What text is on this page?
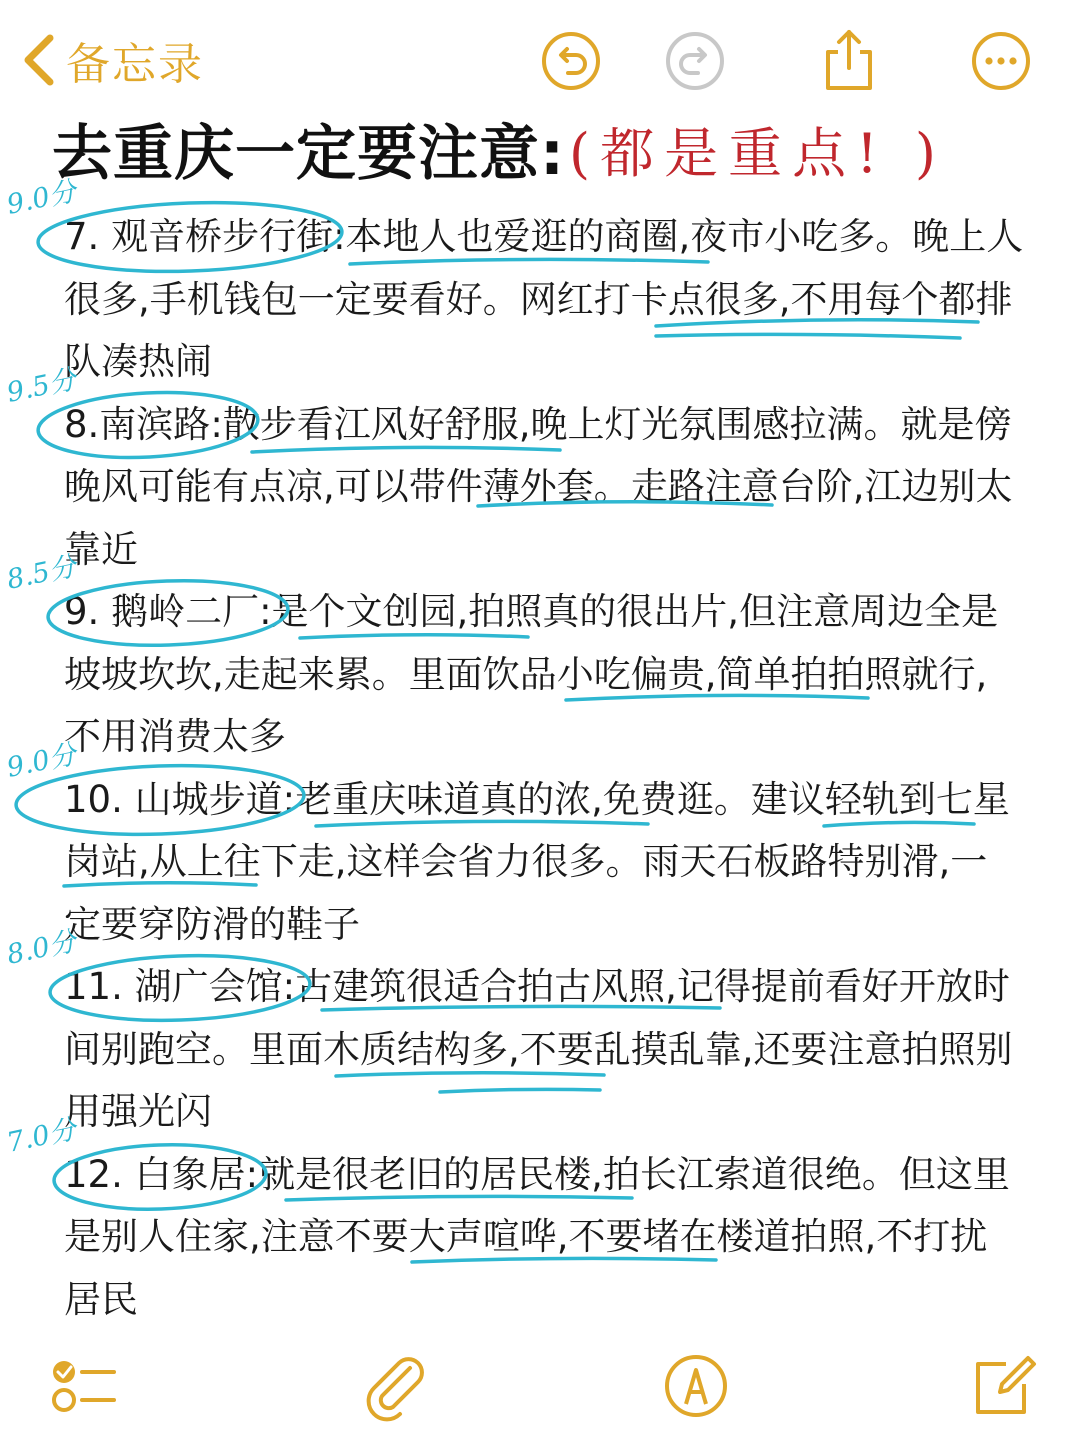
备忘录
去重庆一定要注意:(都是重点! )
9.0分

7. 观音桥步行街:本地人也爱逛的商圈,夜市小吃多。晚上人很多,手机钱包一定要看好。网红打卡点很多,不用每个都排队凑热闹

9.5分

8.南滨路:散步看江风好舒服,晚上灯光氛围感拉满。就是傍晚风可能有点凉,可以带件薄外套。走路注意台阶,江边别太靠近

8.5分

9. 鹅岭二厂:是个文创园,拍照真的很出片,但注意周边全是坡坡坎坎,走起来累。里面饮品小吃偏贵,简单拍拍照就行,不用消费太多

9.0分

10. 山城步道:老重庆味道真的浓,免费逛。建议轻轨到七星岗站,从上往下走,这样会省力很多。雨天石板路特别滑,一定要穿防滑的鞋子

8.0分

11. 湖广会馆:古建筑很适合拍古风照,记得提前看好开放时间别跑空。里面木质结构多,不要乱摸乱靠,还要注意拍照别用强光闪

7.0分

12. 白象居:就是很老旧的居民楼,拍长江索道很绝。但这里是别人住家,注意不要大声喧哗,不要堵在楼道拍照,不打扰居民
